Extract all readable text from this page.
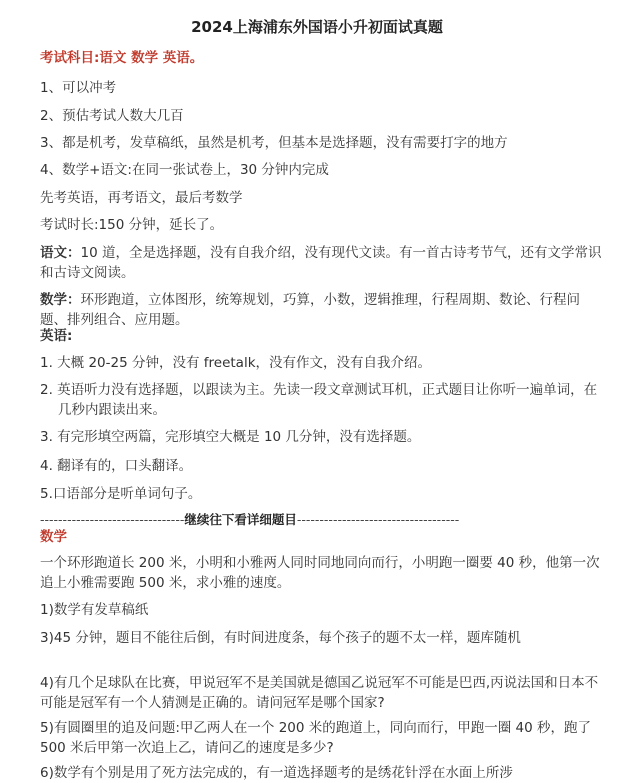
2024上海浦东外国语小升初面试真题
考试科目:语文 数学 英语。
1、可以冲考
2、预估考试人数大几百
3、都是机考，发草稿纸，虽然是机考，但基本是选择题，没有需要打字的地方
4、数学+语文:在同一张试卷上，30 分钟内完成
先考英语，再考语文，最后考数学
考试时长:150 分钟，延长了。
语文：10 道，全是选择题，没有自我介绍，没有现代文读。有一首古诗考节气，还有文学常识和古诗文阅读。
数学：环形跑道，立体图形，统筹规划，巧算，小数，逻辑推理，行程周期、数论、行程问题、排列组合、应用题。
英语:
1. 大概 20-25 分钟，没有 freetalk，没有作文，没有自我介绍。
2. 英语听力没有选择题，以跟读为主。先读一段文章测试耳机，正式题目让你听一遍单词，在几秒内跟读出来。
3. 有完形填空两篇，完形填空大概是 10 几分钟，没有选择题。
4. 翻译有的，口头翻译。
5.口语部分是听单词句子。
--------------------------------继续往下看详细题目------------------------------------
数学
一个环形跑道长 200 米，小明和小雅两人同时同地同向而行，小明跑一圈要 40 秒，他第一次追上小雅需要跑 500 米，求小雅的速度。
1)数学有发草稿纸
3)45 分钟，题目不能往后倒，有时间进度条，每个孩子的题不太一样，题库随机
4)有几个足球队在比赛，甲说冠军不是美国就是德国乙说冠军不可能是巴西,丙说法国和日本不可能是冠军有一个人猜测是正确的。请问冠军是哪个国家?
5)有圆圈里的追及问题:甲乙两人在一个 200 米的跑道上，同向而行，甲跑一圈 40 秒，跑了 500 米后甲第一次追上乙，请问乙的速度是多少?
6)数学有个别是用了死方法完成的，有一道选择题考的是绣花针浮在水面上所涉
